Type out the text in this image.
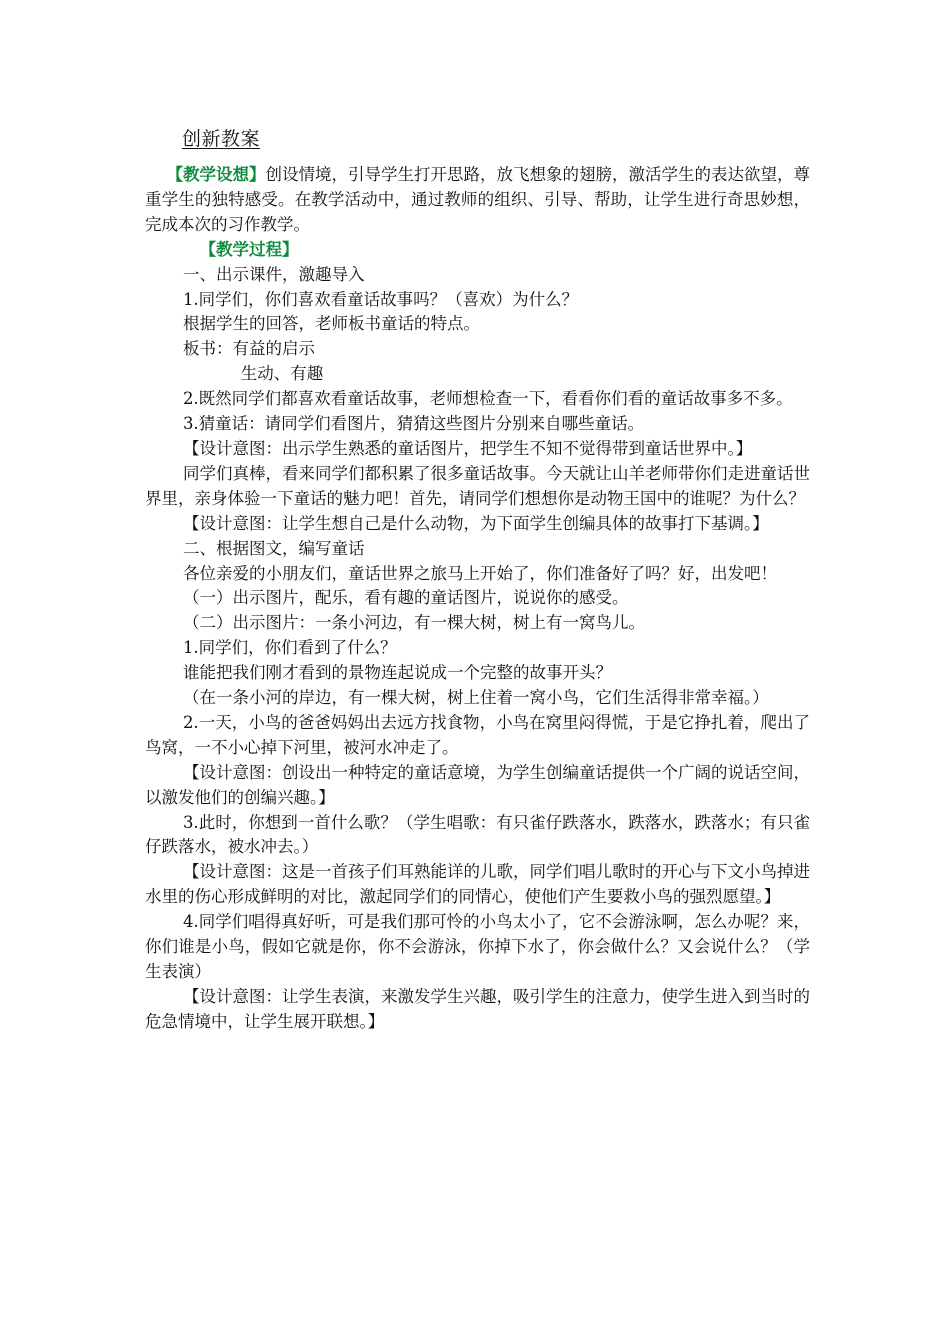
创新教案

【教学设想】创设情境，引导学生打开思路，放飞想象的翅膀，激活学生的表达欲望，尊重学生的独特感受。在教学活动中，通过教师的组织、引导、帮助，让学生进行奇思妙想，完成本次的习作教学。

【教学过程】

一、出示课件，激趣导入

1.同学们，你们喜欢看童话故事吗？（喜欢）为什么？

根据学生的回答，老师板书童话的特点。

板书：有益的启示

生动、有趣

2.既然同学们都喜欢看童话故事，老师想检查一下，看看你们看的童话故事多不多。

3.猜童话：请同学们看图片，猜猜这些图片分别来自哪些童话。

【设计意图：出示学生熟悉的童话图片，把学生不知不觉得带到童话世界中。】

同学们真棒，看来同学们都积累了很多童话故事。今天就让山羊老师带你们走进童话世界里，亲身体验一下童话的魅力吧！首先，请同学们想想你是动物王国中的谁呢？为什么？

【设计意图：让学生想自己是什么动物，为下面学生创编具体的故事打下基调。】

二、根据图文，编写童话

各位亲爱的小朋友们，童话世界之旅马上开始了，你们准备好了吗？好，出发吧！

（一）出示图片，配乐，看有趣的童话图片，说说你的感受。

（二）出示图片：一条小河边，有一棵大树，树上有一窝鸟儿。

1.同学们，你们看到了什么？

谁能把我们刚才看到的景物连起说成一个完整的故事开头？

（在一条小河的岸边，有一棵大树，树上住着一窝小鸟，它们生活得非常幸福。）

2.一天，小鸟的爸爸妈妈出去远方找食物，小鸟在窝里闷得慌，于是它挣扎着，爬出了鸟窝，一不小心掉下河里，被河水冲走了。

【设计意图：创设出一种特定的童话意境，为学生创编童话提供一个广阔的说话空间，以激发他们的创编兴趣。】

3.此时，你想到一首什么歌？（学生唱歌：有只雀仔跌落水，跌落水，跌落水；有只雀仔跌落水，被水冲去。）

【设计意图：这是一首孩子们耳熟能详的儿歌，同学们唱儿歌时的开心与下文小鸟掉进水里的伤心形成鲜明的对比，激起同学们的同情心，使他们产生要救小鸟的强烈愿望。】

4.同学们唱得真好听，可是我们那可怜的小鸟太小了，它不会游泳啊，怎么办呢？来，你们谁是小鸟，假如它就是你，你不会游泳，你掉下水了，你会做什么？又会说什么？（学生表演）

【设计意图：让学生表演，来激发学生兴趣，吸引学生的注意力，使学生进入到当时的危急情境中，让学生展开联想。】
